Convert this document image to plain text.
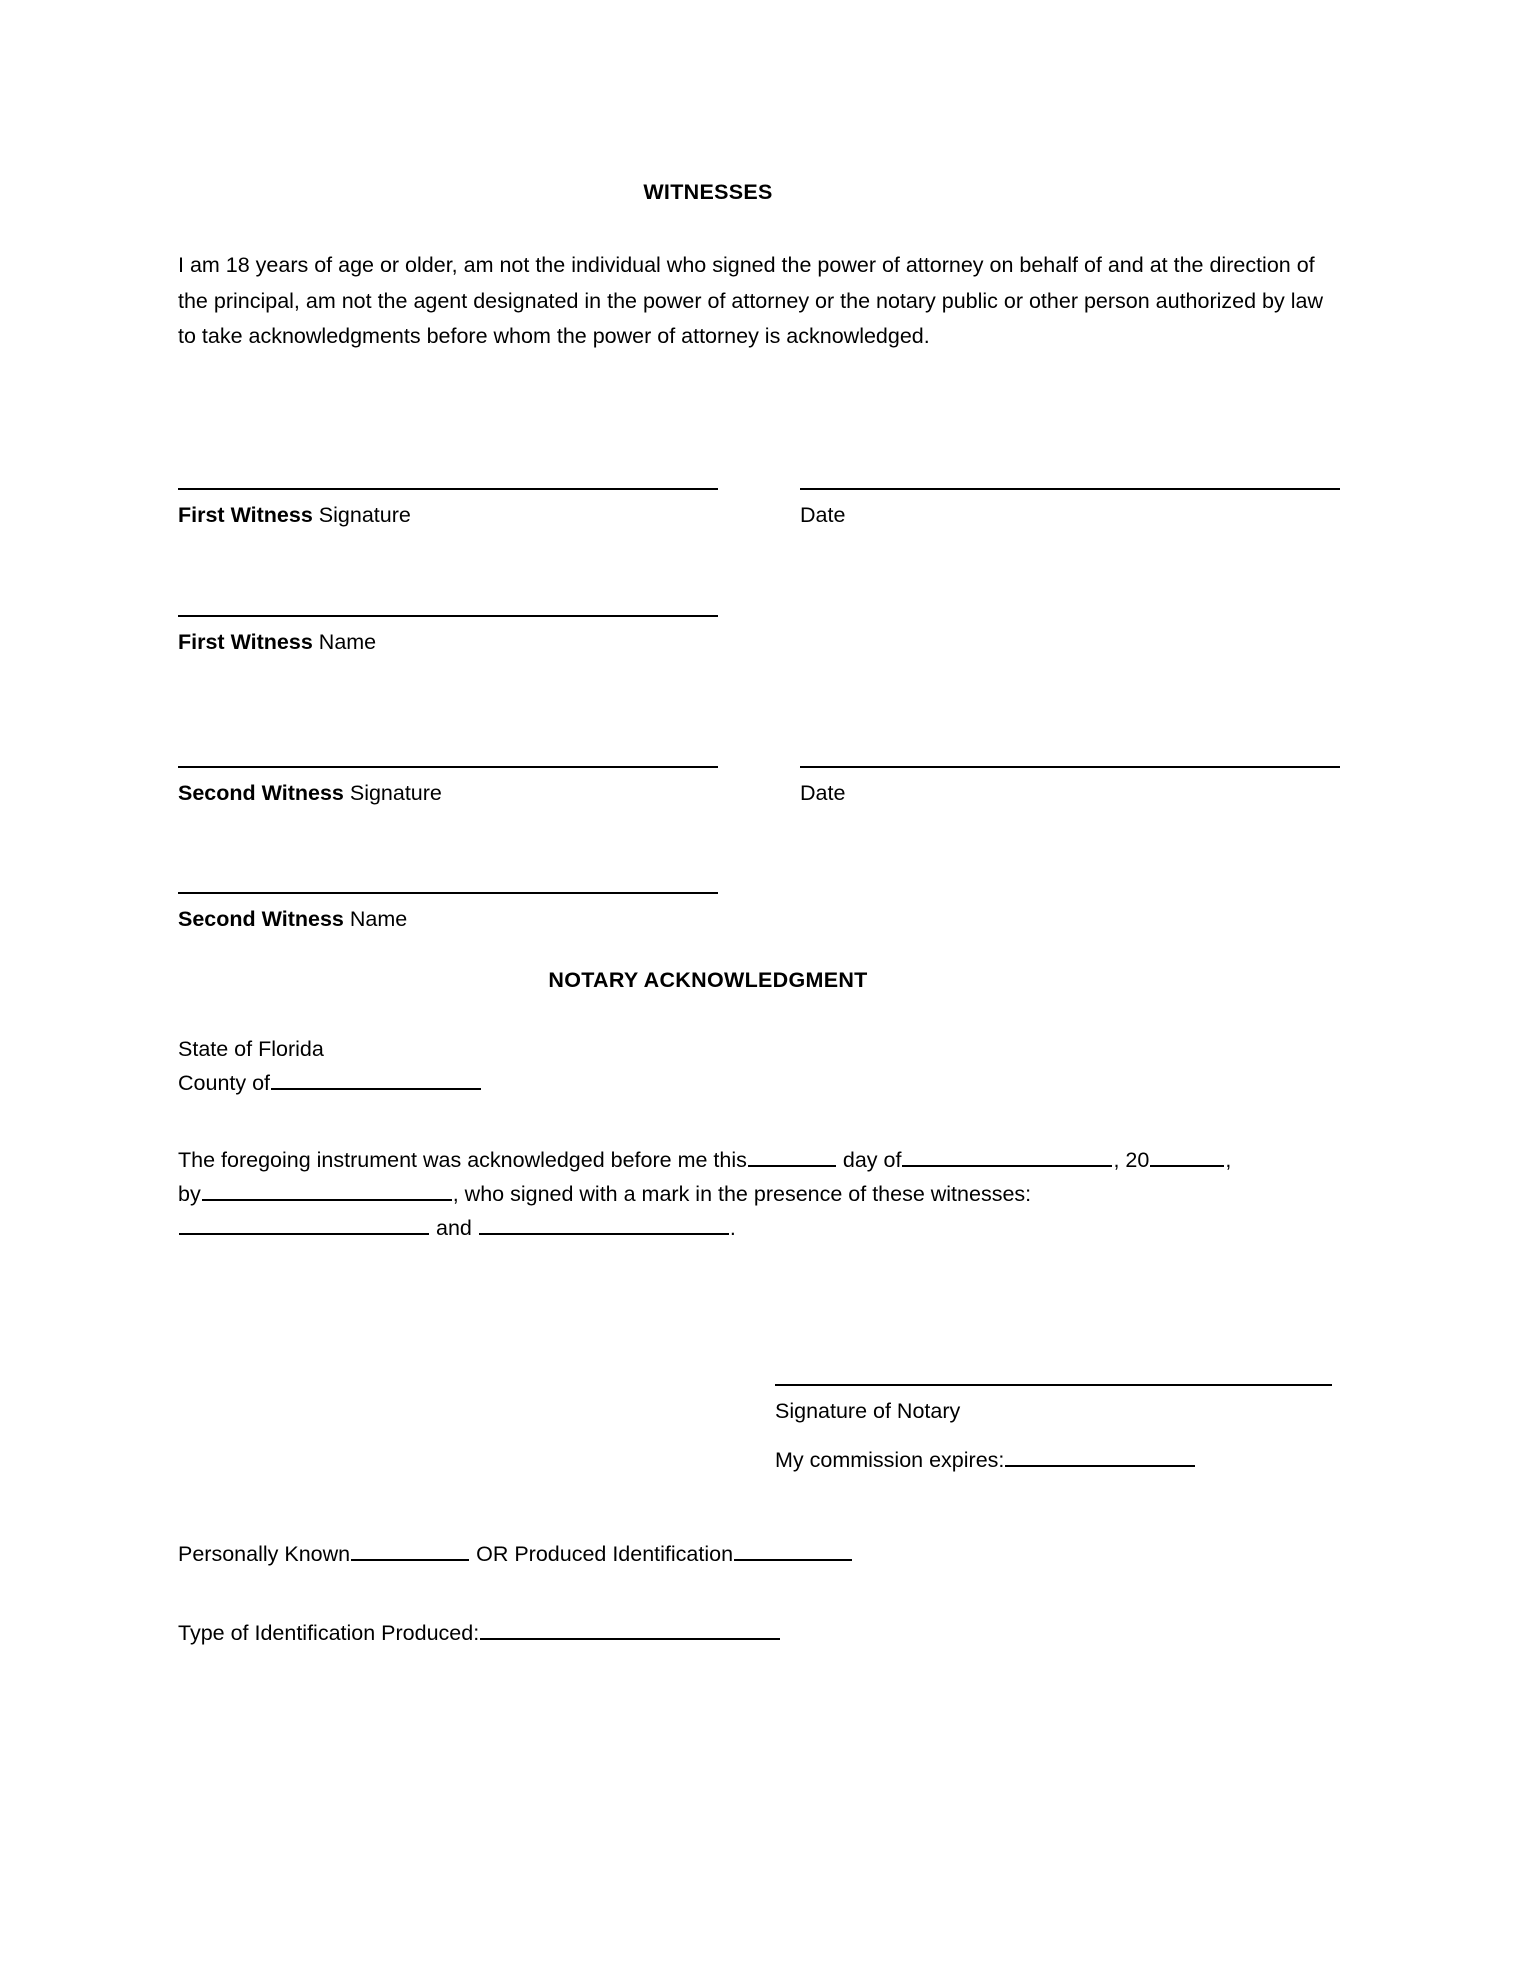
WITNESSES
I am 18 years of age or older, am not the individual who signed the power of attorney on behalf of and at the direction of the principal, am not the agent designated in the power of attorney or the notary public or other person authorized by law to take acknowledgments before whom the power of attorney is acknowledged.
First Witness Signature	Date
First Witness Name
Second Witness Signature	Date
Second Witness Name
NOTARY ACKNOWLEDGMENT
State of Florida
County of
The foregoing instrument was acknowledged before me this	day of	, 20	,
by	, who signed with a mark in the presence of these witnesses:
and	.
Signature of Notary
My commission expires:
Personally Known	OR Produced Identification
Type of Identification Produced:
